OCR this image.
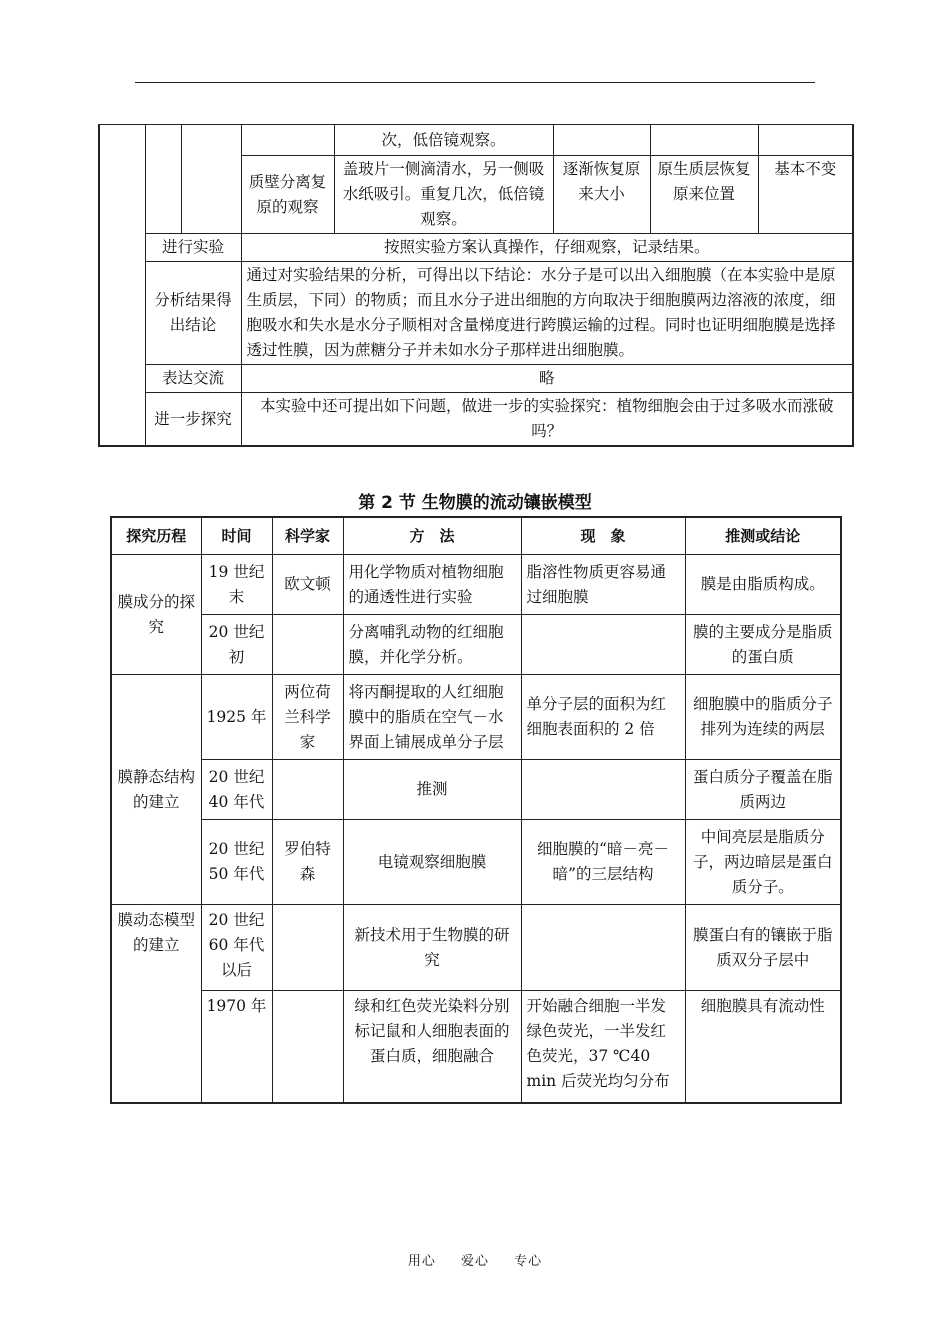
				次，低倍镜观察。			
			质壁分离复原的观察	盖玻片一侧滴清水，另一侧吸水纸吸引。重复几次，低倍镜观察。	逐渐恢复原来大小	原生质层恢复原来位置	基本不变
	进行实验		按照实验方案认真操作，仔细观察，记录结果。				
	分析结果得出结论		通过对实验结果的分析，可得出以下结论：水分子是可以出入细胞膜（在本实验中是原生质层，下同）的物质；而且水分子进出细胞的方向取决于细胞膜两边溶液的浓度，细胞吸水和失水是水分子顺相对含量梯度进行跨膜运输的过程。同时也证明细胞膜是选择透过性膜，因为蔗糖分子并未如水分子那样进出细胞膜。				
	表达交流		略				
	进一步探究		本实验中还可提出如下问题，做进一步的实验探究：植物细胞会由于过多吸水而涨破吗？				
第 2 节 生物膜的流动镶嵌模型
探究历程	时间	科学家	方　法	现　象	推测或结论
膜成分的探究	19 世纪末	欧文顿	用化学物质对植物细胞的通透性进行实验	脂溶性物质更容易通过细胞膜	膜是由脂质构成。
	20 世纪初		分离哺乳动物的红细胞膜，并化学分析。		膜的主要成分是脂质的蛋白质
膜静态结构的建立	1925 年	两位荷兰科学家	将丙酮提取的人红细胞膜中的脂质在空气－水界面上铺展成单分子层	单分子层的面积为红细胞表面积的 2 倍	细胞膜中的脂质分子排列为连续的两层
	20 世纪 40 年代		推测		蛋白质分子覆盖在脂质两边
	20 世纪 50 年代	罗伯特森	电镜观察细胞膜	细胞膜的“暗－亮－暗”的三层结构	中间亮层是脂质分子，两边暗层是蛋白质分子。
膜动态模型的建立	20 世纪 60 年代以后		新技术用于生物膜的研究		膜蛋白有的镶嵌于脂质双分子层中
	1970 年		绿和红色荧光染料分别标记鼠和人细胞表面的蛋白质，细胞融合	开始融合细胞一半发绿色荧光，一半发红色荧光，37 ℃40 min 后荧光均匀分布	细胞膜具有流动性
用心 爱心 专心
